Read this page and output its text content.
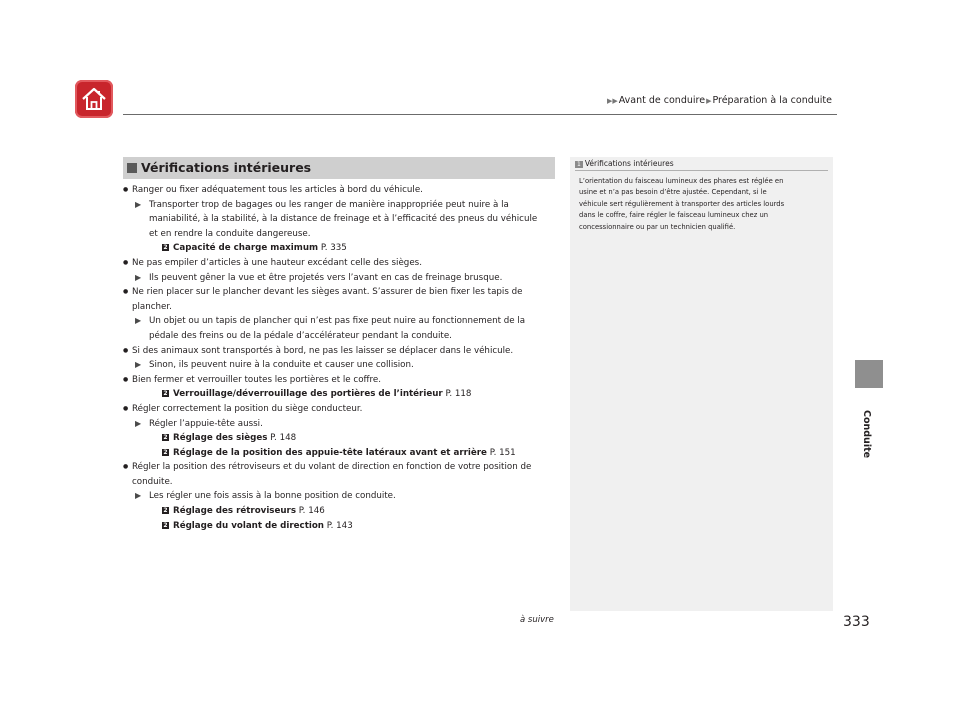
▶▶Avant de conduire▶Préparation à la conduite
Conduite
Vérifications intérieures
● Ranger ou fixer adéquatement tous les articles à bord du véhicule.
▶ Transporter trop de bagages ou les ranger de manière inappropriée peut nuire à la
maniabilité, à la stabilité, à la distance de freinage et à l’efficacité des pneus du véhicule
et en rendre la conduite dangereuse.
2 Capacité de charge maximum P. 335
● Ne pas empiler d’articles à une hauteur excédant celle des sièges.
▶ Ils peuvent gêner la vue et être projetés vers l’avant en cas de freinage brusque.
● Ne rien placer sur le plancher devant les sièges avant. S’assurer de bien fixer les tapis de
plancher.
▶ Un objet ou un tapis de plancher qui n’est pas fixe peut nuire au fonctionnement de la
pédale des freins ou de la pédale d’accélérateur pendant la conduite.
● Si des animaux sont transportés à bord, ne pas les laisser se déplacer dans le véhicule.
▶ Sinon, ils peuvent nuire à la conduite et causer une collision.
● Bien fermer et verrouiller toutes les portières et le coffre.
2 Verrouillage/déverrouillage des portières de l’intérieur P. 118
● Régler correctement la position du siège conducteur.
▶ Régler l’appuie-tête aussi.
2 Réglage des sièges P. 148
2 Réglage de la position des appuie-tête latéraux avant et arrière P. 151
● Régler la position des rétroviseurs et du volant de direction en fonction de votre position de
conduite.
▶ Les régler une fois assis à la bonne position de conduite.
2 Réglage des rétroviseurs P. 146
2 Réglage du volant de direction P. 143
1 Vérifications intérieures
L’orientation du faisceau lumineux des phares est réglée en
usine et n’a pas besoin d’être ajustée. Cependant, si le
véhicule sert régulièrement à transporter des articles lourds
dans le coffre, faire régler le faisceau lumineux chez un
concessionnaire ou par un technicien qualifié.
à suivre	333
